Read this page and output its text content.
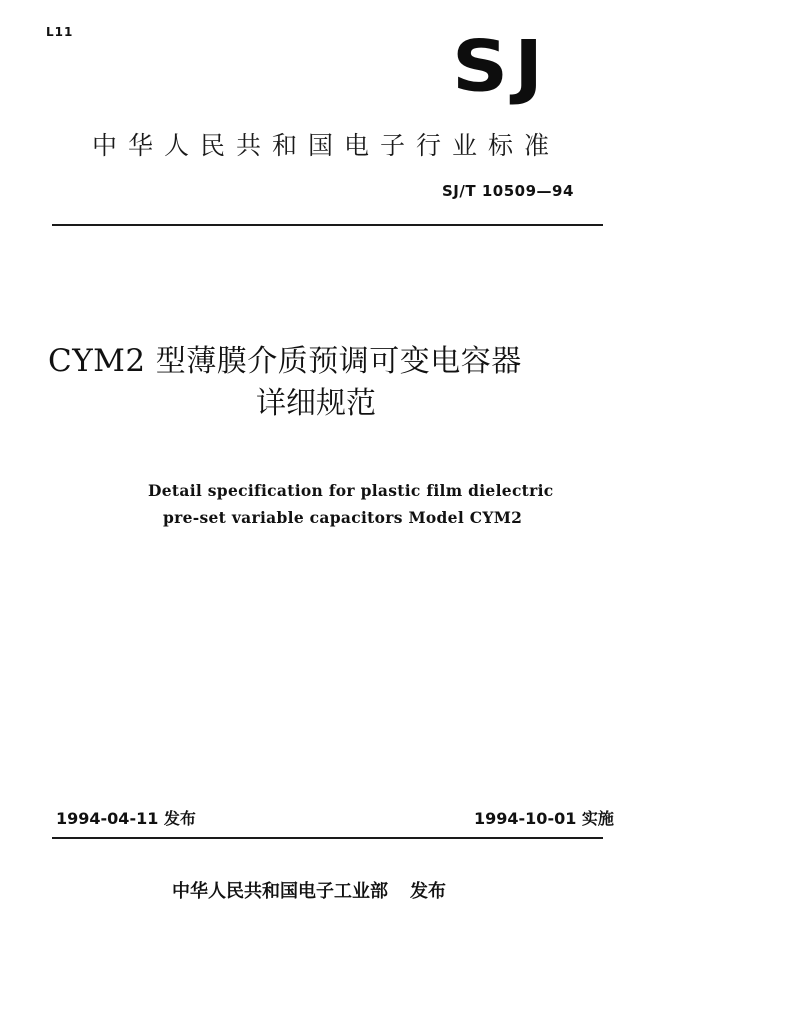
L11	SJ
中华人民共和国电子行业标准
SJ/T 10509—94
CYM2 型薄膜介质预调可变电容器
详细规范
Detail specification for plastic film dielectric
pre-set variable capacitors Model CYM2
1994-04-11 发布	1994-10-01 实施
中华人民共和国电子工业部 发布
